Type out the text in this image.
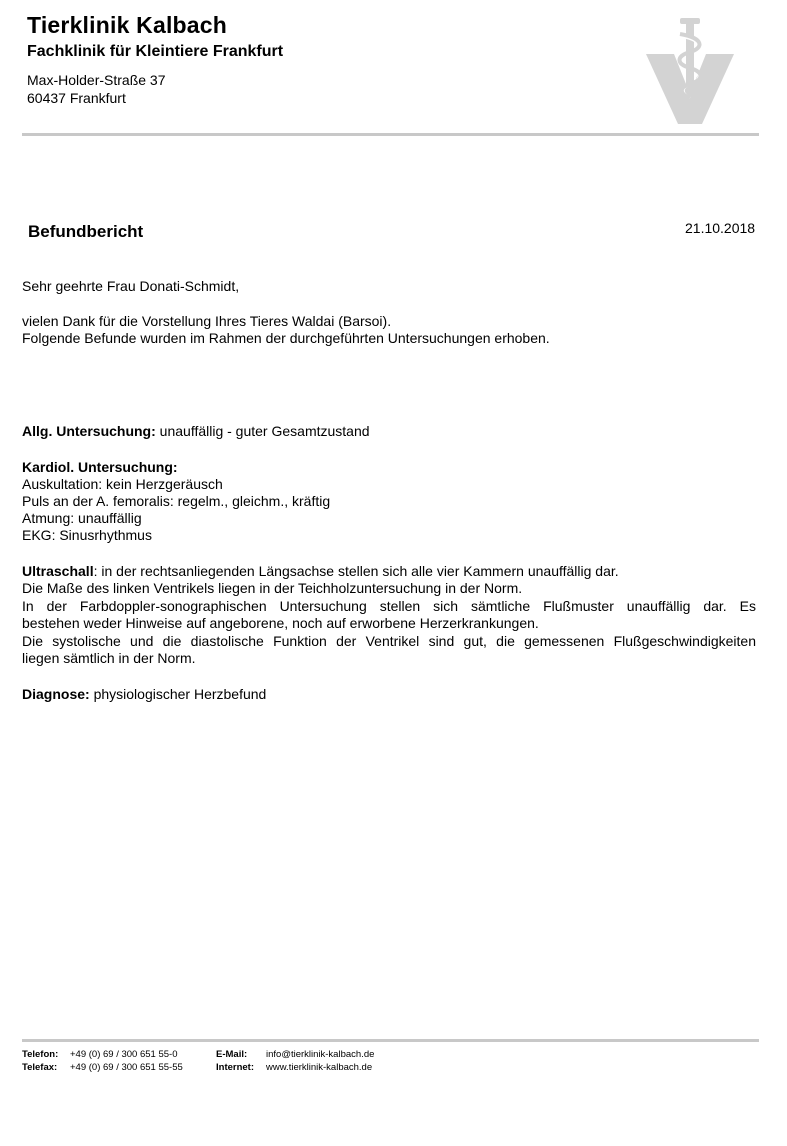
Tierklinik Kalbach
Fachklinik für Kleintiere Frankfurt
Max-Holder-Straße 37
60437 Frankfurt
Befundbericht	21.10.2018
Sehr geehrte Frau Donati-Schmidt,
vielen Dank für die Vorstellung Ihres Tieres Waldai (Barsoi).
Folgende Befunde wurden im Rahmen der durchgeführten Untersuchungen erhoben.
Allg. Untersuchung: unauffällig - guter Gesamtzustand
Kardiol. Untersuchung:
Auskultation: kein Herzgeräusch
Puls an der A. femoralis: regelm., gleichm., kräftig
Atmung: unauffällig
EKG: Sinusrhythmus
Ultraschall: in der rechtsanliegenden Längsachse stellen sich alle vier Kammern unauffällig dar.
Die Maße des linken Ventrikels liegen in der Teichholzuntersuchung in der Norm.
In der Farbdoppler-sonographischen Untersuchung stellen sich sämtliche Flußmuster unauffällig dar. Es
bestehen weder Hinweise auf angeborene, noch auf erworbene Herzerkrankungen.
Die systolische und die diastolische Funktion der Ventrikel sind gut, die gemessenen Flußgeschwindigkeiten
liegen sämtlich in der Norm.
Diagnose: physiologischer Herzbefund
Telefon: +49 (0) 69 / 300 651 55-0
Telefax: +49 (0) 69 / 300 651 55-55
E-Mail: info@tierklinik-kalbach.de
Internet: www.tierklinik-kalbach.de
